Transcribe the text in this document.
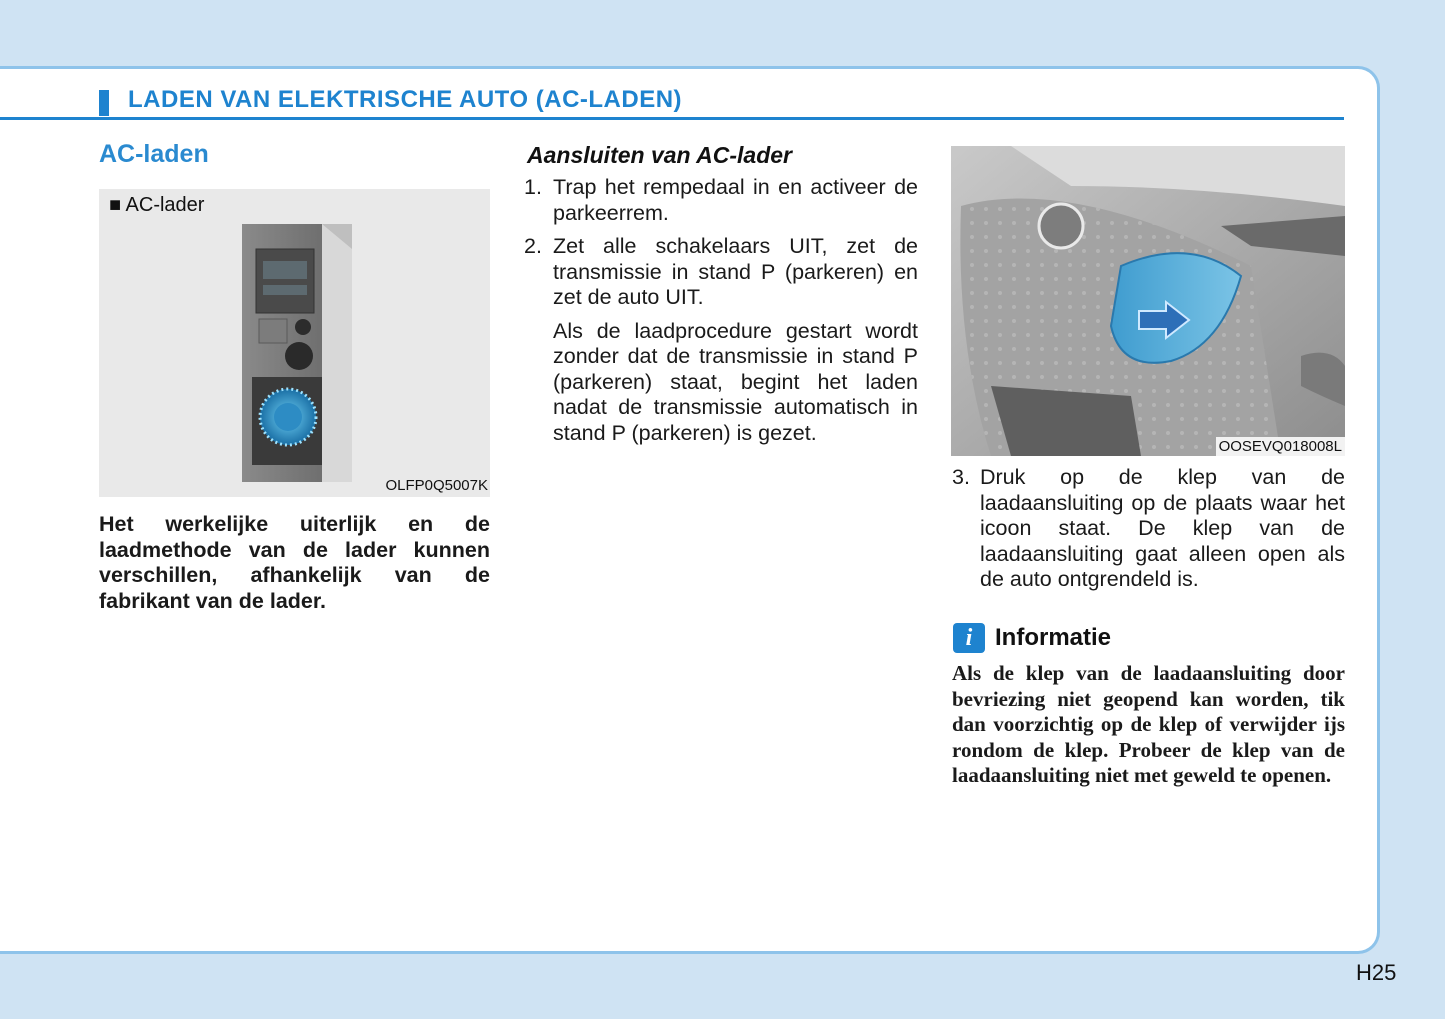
LADEN VAN ELEKTRISCHE AUTO (AC-LADEN)
AC-laden
■ AC-lader
OLFP0Q5007K

Het werkelijke uiterlijk en de laadmethode van de lader kunnen verschillen, afhankelijk van de fabrikant van de lader.

Aansluiten van AC-lader
1. Trap het rempedaal in en activeer de parkeerrem.
2. Zet alle schakelaars UIT, zet de transmissie in stand P (parkeren) en zet de auto UIT.
Als de laadprocedure gestart wordt zonder dat de transmissie in stand P (parkeren) staat, begint het laden nadat de transmissie automatisch in stand P (parkeren) is gezet.
OOSEVQ018008L
3. Druk op de klep van de laadaansluiting op de plaats waar het icoon staat. De klep van de laadaansluiting gaat alleen open als de auto ontgrendeld is.
i Informatie

Als de klep van de laadaansluiting door bevriezing niet geopend kan worden, tik dan voorzichtig op de klep of verwijder ijs rondom de klep. Probeer de klep van de laadaansluiting niet met geweld te openen.

H25
